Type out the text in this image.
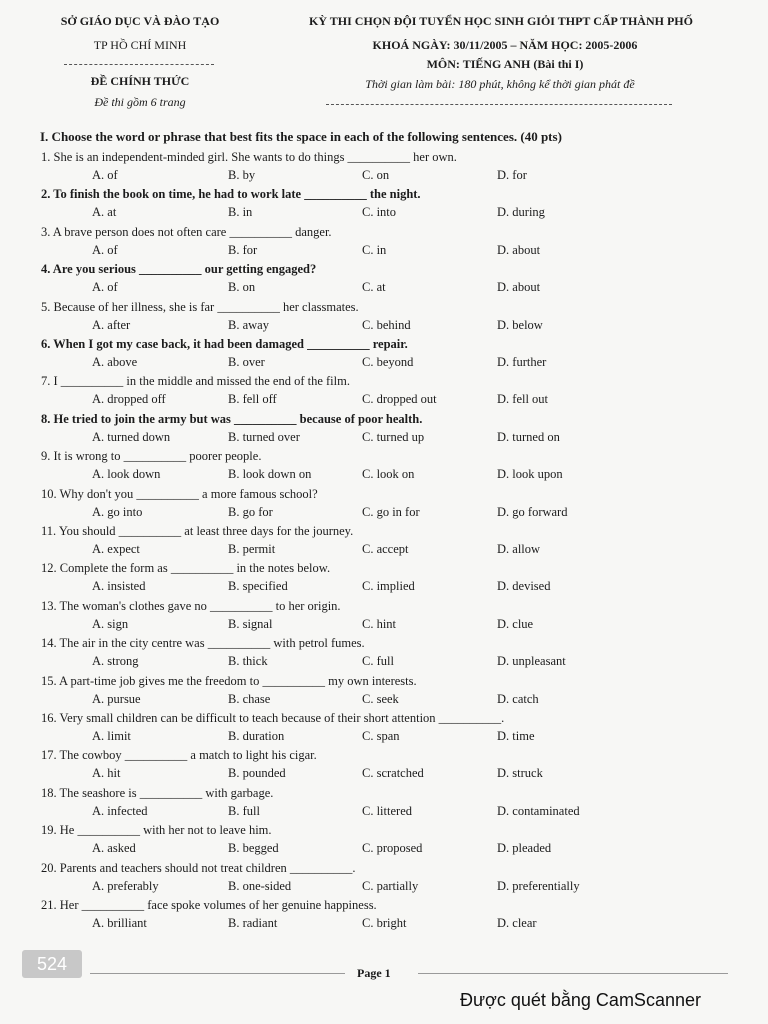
SỞ GIÁO DỤC VÀ ĐÀO TẠO
TP HỒ CHÍ MINH
ĐỀ CHÍNH THỨC
Đề thi gồm 6 trang
KỲ THI CHỌN ĐỘI TUYỂN HỌC SINH GIỎI THPT CẤP THÀNH PHỐ
KHOÁ NGÀY: 30/11/2005 – NĂM HỌC: 2005-2006
MÔN: TIẾNG ANH (Bài thi I)
Thời gian làm bài: 180 phút, không kể thời gian phát đề
I. Choose the word or phrase that best fits the space in each of the following sentences. (40 pts)
1. She is an independent-minded girl. She wants to do things __________ her own.
A. of	B. by	C. on	D. for
2. To finish the book on time, he had to work late __________ the night.
A. at	B. in	C. into	D. during
3. A brave person does not often care __________ danger.
A. of	B. for	C. in	D. about
4. Are you serious __________ our getting engaged?
A. of	B. on	C. at	D. about
5. Because of her illness, she is far __________ her classmates.
A. after	B. away	C. behind	D. below
6. When I got my case back, it had been damaged __________ repair.
A. above	B. over	C. beyond	D. further
7. I __________ in the middle and missed the end of the film.
A. dropped off	B. fell off	C. dropped out	D. fell out
8. He tried to join the army but was __________ because of poor health.
A. turned down	B. turned over	C. turned up	D. turned on
9. It is wrong to __________ poorer people.
A. look down	B. look down on	C. look on	D. look upon
10. Why don't you __________ a more famous school?
A. go into	B. go for	C. go in for	D. go forward
11. You should __________ at least three days for the journey.
A. expect	B. permit	C. accept	D. allow
12. Complete the form as __________ in the notes below.
A. insisted	B. specified	C. implied	D. devised
13. The woman's clothes gave no __________ to her origin.
A. sign	B. signal	C. hint	D. clue
14. The air in the city centre was __________ with petrol fumes.
A. strong	B. thick	C. full	D. unpleasant
15. A part-time job gives me the freedom to __________ my own interests.
A. pursue	B. chase	C. seek	D. catch
16. Very small children can be difficult to teach because of their short attention __________.
A. limit	B. duration	C. span	D. time
17. The cowboy __________ a match to light his cigar.
A. hit	B. pounded	C. scratched	D. struck
18. The seashore is __________ with garbage.
A. infected	B. full	C. littered	D. contaminated
19. He __________ with her not to leave him.
A. asked	B. begged	C. proposed	D. pleaded
20. Parents and teachers should not treat children __________.
A. preferably	B. one-sided	C. partially	D. preferentially
21. Her __________ face spoke volumes of her genuine happiness.
A. brilliant	B. radiant	C. bright	D. clear
524	Page 1
Được quét bằng CamScanner
